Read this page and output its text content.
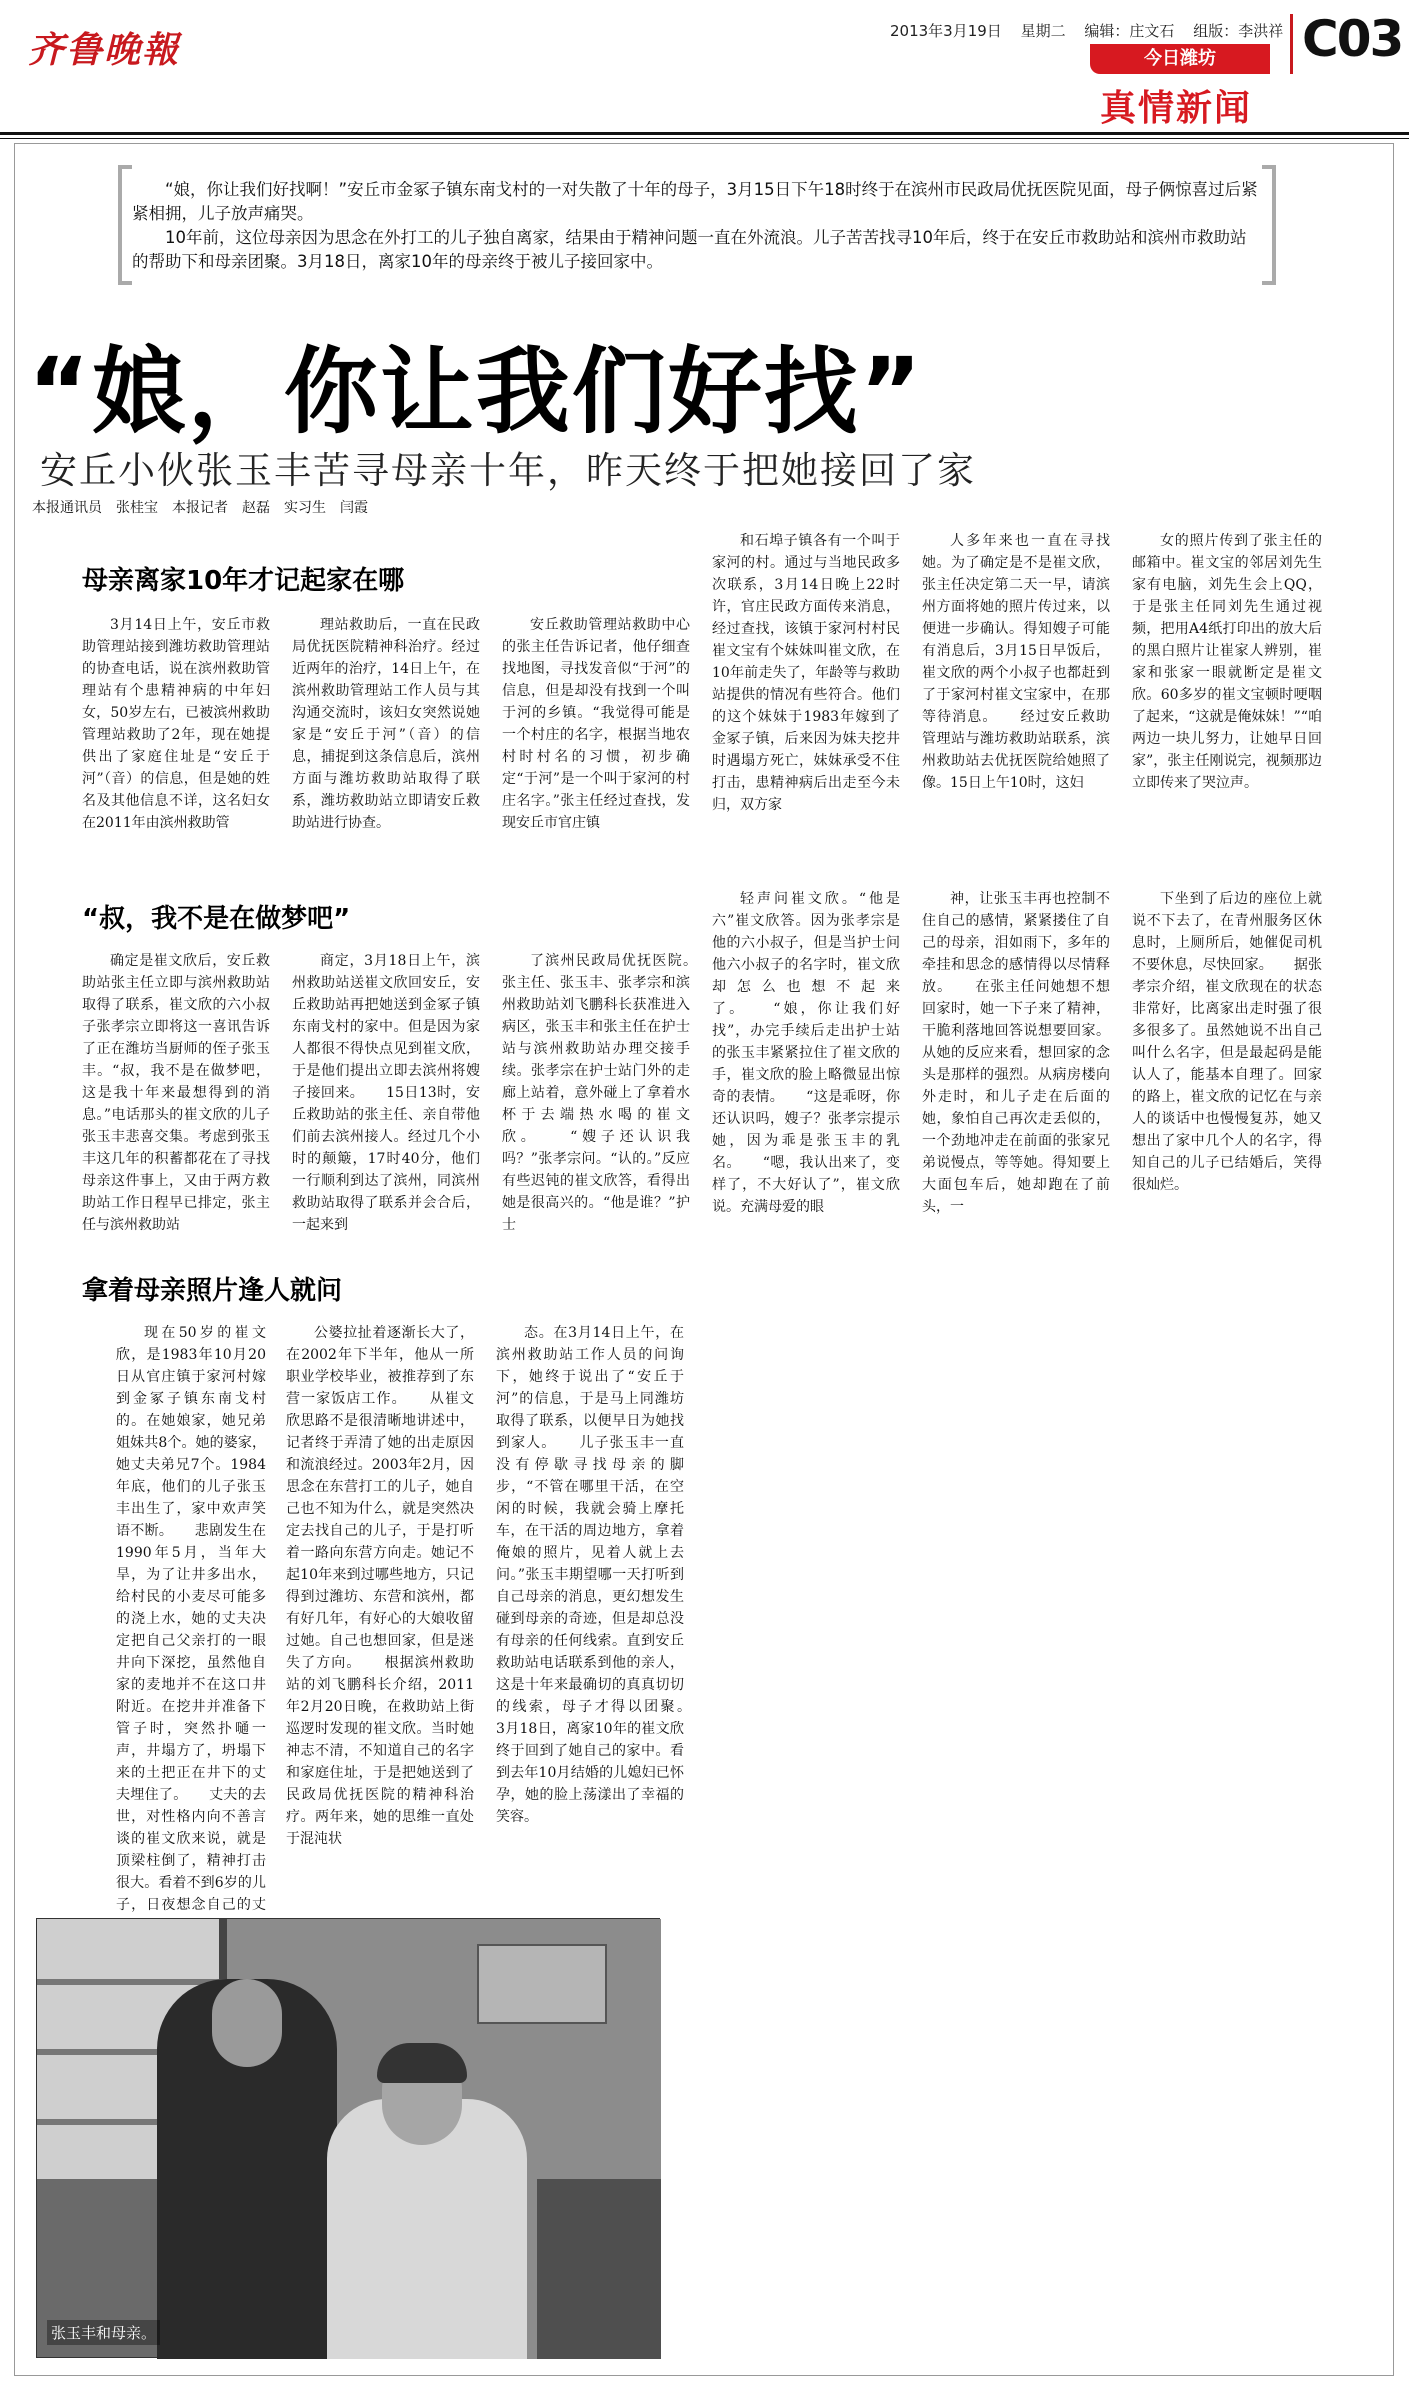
齐鲁晚報	2013年3月19日 星期二 编辑：庄文石 组版：李洪祥 C03
今日潍坊
真情新闻

“娘，你让我们好找啊！”安丘市金冢子镇东南戈村的一对失散了十年的母子，3月15日下午18时终于在滨州市民政局优抚医院见面，母子俩惊喜过后紧紧相拥，儿子放声痛哭。

10年前，这位母亲因为思念在外打工的儿子独自离家，结果由于精神问题一直在外流浪。儿子苦苦找寻10年后，终于在安丘市救助站和滨州市救助站的帮助下和母亲团聚。3月18日，离家10年的母亲终于被儿子接回家中。

“娘，你让我们好找”
安丘小伙张玉丰苦寻母亲十年，昨天终于把她接回了家
本报通讯员　张桂宝　本报记者　赵磊　实习生　闫霞
母亲离家10年才记起家在哪

3月14日上午，安丘市救助管理站接到潍坊救助管理站的协查电话，说在滨州救助管理站有个患精神病的中年妇女，50岁左右，已被滨州救助管理站救助了2年，现在她提供出了家庭住址是“安丘于河”（音）的信息，但是她的姓名及其他信息不详，这名妇女在2011年由滨州救助管

理站救助后，一直在民政局优抚医院精神科治疗。经过近两年的治疗，14日上午，在滨州救助管理站工作人员与其沟通交流时，该妇女突然说她家是“安丘于河”（音）的信息，捕捉到这条信息后，滨州方面与潍坊救助站取得了联系，潍坊救助站立即请安丘救助站进行协查。

安丘救助管理站救助中心的张主任告诉记者，他仔细查找地图，寻找发音似“于河”的信息，但是却没有找到一个叫于河的乡镇。“我觉得可能是一个村庄的名字，根据当地农村时村名的习惯，初步确定“于河”是一个叫于家河的村庄名字。”张主任经过查找，发现安丘市官庄镇

和石埠子镇各有一个叫于家河的村。通过与当地民政多次联系，3月14日晚上22时许，官庄民政方面传来消息，经过查找，该镇于家河村村民崔文宝有个妹妹叫崔文欣，在10年前走失了，年龄等与救助站提供的情况有些符合。他们的这个妹妹于1983年嫁到了金冢子镇，后来因为妹夫挖井时遇塌方死亡，妹妹承受不住打击，患精神病后出走至今未归，双方家

人多年来也一直在寻找她。为了确定是不是崔文欣，张主任决定第二天一早，请滨州方面将她的照片传过来，以便进一步确认。得知嫂子可能有消息后，3月15日早饭后，崔文欣的两个小叔子也都赶到了于家河村崔文宝家中，在那等待消息。　　经过安丘救助管理站与潍坊救助站联系，滨州救助站去优抚医院给她照了像。15日上午10时，这妇

女的照片传到了张主任的邮箱中。崔文宝的邻居刘先生家有电脑，刘先生会上QQ，于是张主任同刘先生通过视频，把用A4纸打印出的放大后的黑白照片让崔家人辨别，崔家和张家一眼就断定是崔文欣。60多岁的崔文宝顿时哽咽了起来，“这就是俺妹妹！”“咱两边一块儿努力，让她早日回家”，张主任刚说完，视频那边立即传来了哭泣声。

“叔，我不是在做梦吧”

确定是崔文欣后，安丘救助站张主任立即与滨州救助站取得了联系，崔文欣的六小叔子张孝宗立即将这一喜讯告诉了正在潍坊当厨师的侄子张玉丰。“叔，我不是在做梦吧，这是我十年来最想得到的消息。”电话那头的崔文欣的儿子张玉丰悲喜交集。考虑到张玉丰这几年的积蓄都花在了寻找母亲这件事上，又由于两方救助站工作日程早已排定，张主任与滨州救助站

商定，3月18日上午，滨州救助站送崔文欣回安丘，安丘救助站再把她送到金冢子镇东南戈村的家中。但是因为家人都很不得快点见到崔文欣，于是他们提出立即去滨州将嫂子接回来。　　15日13时，安丘救助站的张主任、亲自带他们前去滨州接人。经过几个小时的颠簸，17时40分，他们一行顺利到达了滨州，同滨州救助站取得了联系并会合后，一起来到

了滨州民政局优抚医院。　　张主任、张玉丰、张孝宗和滨州救助站刘飞鹏科长获准进入病区，张玉丰和张主任在护士站与滨州救助站办理交接手续。张孝宗在护士站门外的走廊上站着，意外碰上了拿着水杯于去端热水喝的崔文欣。　　“嫂子还认识我吗？”张孝宗问。“认的。”反应有些迟钝的崔文欣答，看得出她是很高兴的。“他是谁？”护士

轻声问崔文欣。“他是六”崔文欣答。因为张孝宗是他的六小叔子，但是当护士问他六小叔子的名字时，崔文欣却怎么也想不起来了。　　“娘，你让我们好找”，办完手续后走出护士站的张玉丰紧紧拉住了崔文欣的手，崔文欣的脸上略微显出惊奇的表情。　　“这是乖呀，你还认识吗，嫂子？张孝宗提示她，因为乖是张玉丰的乳名。　　“嗯，我认出来了，变样了，不大好认了”，崔文欣说。充满母爱的眼

神，让张玉丰再也控制不住自己的感情，紧紧搂住了自己的母亲，泪如雨下，多年的牵挂和思念的感情得以尽情释放。　　在张主任问她想不想回家时，她一下子来了精神，干脆利落地回答说想要回家。从她的反应来看，想回家的念头是那样的强烈。从病房楼向外走时，和儿子走在后面的她，象怕自己再次走丢似的，一个劲地冲走在前面的张家兄弟说慢点，等等她。得知要上大面包车后，她却跑在了前头，一

下坐到了后边的座位上就说不下去了，在青州服务区休息时，上厕所后，她催促司机不要休息，尽快回家。　　据张孝宗介绍，崔文欣现在的状态非常好，比离家出走时强了很多很多了。虽然她说不出自己叫什么名字，但是最起码是能认人了，能基本自理了。回家的路上，崔文欣的记忆在与亲人的谈话中也慢慢复苏，她又想出了家中几个人的名字，得知自己的儿子已结婚后，笑得很灿烂。

拿着母亲照片逢人就问

现在50岁的崔文欣，是1983年10月20日从官庄镇于家河村嫁到金冢子镇东南戈村的。在她娘家，她兄弟姐妹共8个。她的婆家，她丈夫弟兄7个。1984年底，他们的儿子张玉丰出生了，家中欢声笑语不断。　　悲剧发生在1990年5月，当年大旱，为了让井多出水，给村民的小麦尽可能多的浇上水，她的丈夫决定把自己父亲打的一眼井向下深挖，虽然他自家的麦地并不在这口井附近。在挖井并准备下管子时，突然扑嗵一声，井塌方了，坍塌下来的土把正在井下的丈夫埋住了。　　丈夫的去世，对性格内向不善言谈的崔文欣来说，就是顶梁柱倒了，精神打击很大。看着不到6岁的儿子，日夜想念自己的丈

公婆拉扯着逐渐长大了，在2002年下半年，他从一所职业学校毕业，被推荐到了东营一家饭店工作。　　从崔文欣思路不是很清晰地讲述中，记者终于弄清了她的出走原因和流浪经过。2003年2月，因思念在东营打工的儿子，她自己也不知为什么，就是突然决定去找自己的儿子，于是打听着一路向东营方向走。她记不起10年来到过哪些地方，只记得到过潍坊、东营和滨州，都有好几年，有好心的大娘收留过她。自己也想回家，但是迷失了方向。　　根据滨州救助站的刘飞鹏科长介绍，2011年2月20日晚，在救助站上街巡逻时发现的崔文欣。当时她神志不清，不知道自己的名字和家庭住址，于是把她送到了民政局优抚医院的精神科治疗。两年来，她的思维一直处于混沌状

态。在3月14日上午，在滨州救助站工作人员的问询下，她终于说出了“安丘于河”的信息，于是马上同潍坊取得了联系，以便早日为她找到家人。　　儿子张玉丰一直没有停歇寻找母亲的脚步，“不管在哪里干活，在空闲的时候，我就会骑上摩托车，在干活的周边地方，拿着俺娘的照片，见着人就上去问。”张玉丰期望哪一天打听到自己母亲的消息，更幻想发生碰到母亲的奇迹，但是却总没有母亲的任何线索。直到安丘救助站电话联系到他的亲人，这是十年来最确切的真真切切的线索，母子才得以团聚。　　3月18日，离家10年的崔文欣终于回到了她自己的家中。看到去年10月结婚的儿媳妇已怀孕，她的脸上荡漾出了幸福的笑容。

张玉丰和母亲。
